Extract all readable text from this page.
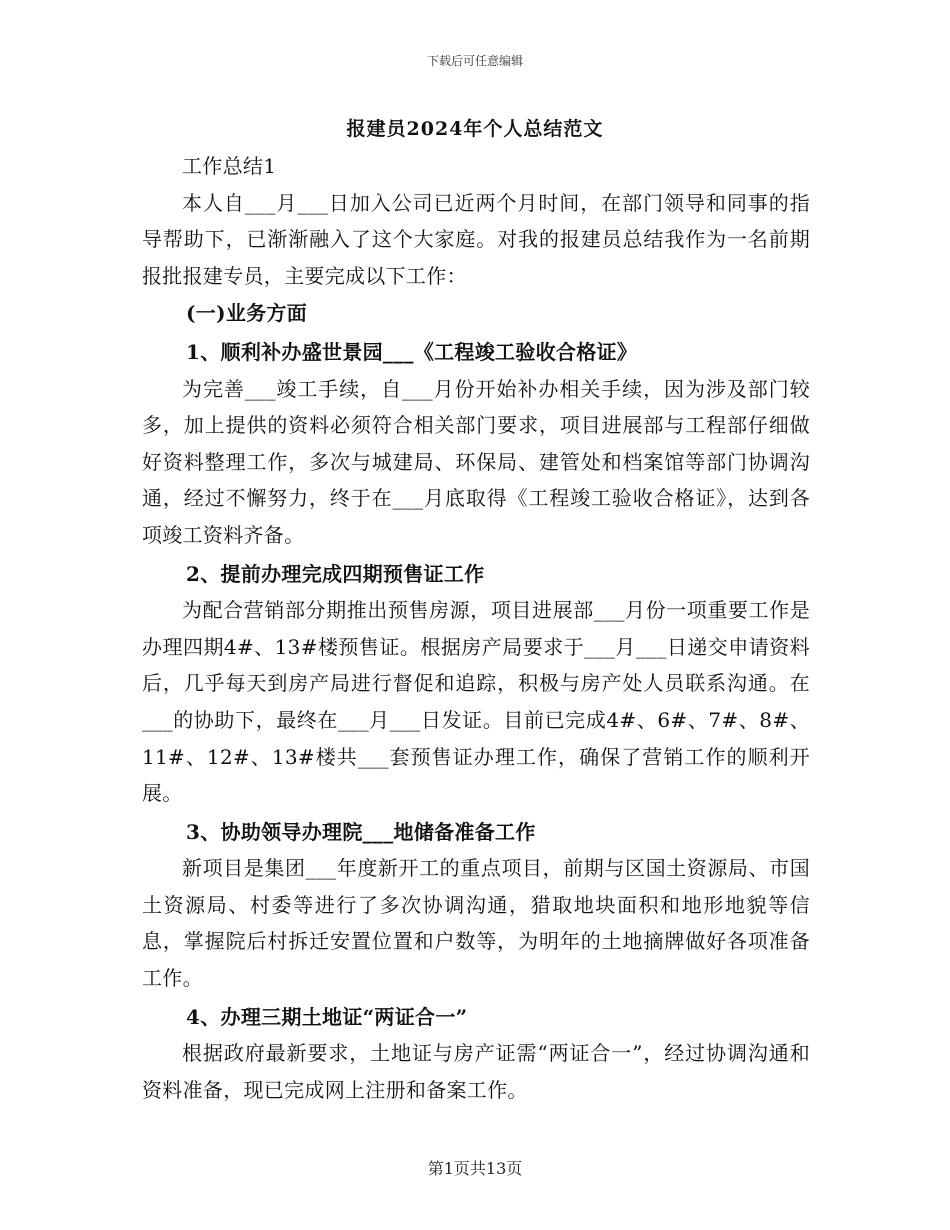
下载后可任意编辑
报建员2024年个人总结范文

工作总结1

本人自___月___日加入公司已近两个月时间，在部门领导和同事的指导帮助下，已渐渐融入了这个大家庭。对我的报建员总结我作为一名前期报批报建专员，主要完成以下工作：

(一)业务方面

1、顺利补办盛世景园___《工程竣工验收合格证》

为完善___竣工手续，自___月份开始补办相关手续，因为涉及部门较多，加上提供的资料必须符合相关部门要求，项目进展部与工程部仔细做好资料整理工作，多次与城建局、环保局、建管处和档案馆等部门协调沟通，经过不懈努力，终于在___月底取得《工程竣工验收合格证》，达到各项竣工资料齐备。

2、提前办理完成四期预售证工作

为配合营销部分期推出预售房源，项目进展部___月份一项重要工作是办理四期4#、13#楼预售证。根据房产局要求于___月___日递交申请资料后，几乎每天到房产局进行督促和追踪，积极与房产处人员联系沟通。在___的协助下，最终在___月___日发证。目前已完成4#、6#、7#、8#、11#、12#、13#楼共___套预售证办理工作，确保了营销工作的顺利开展。

3、协助领导办理院___地储备准备工作

新项目是集团___年度新开工的重点项目，前期与区国土资源局、市国土资源局、村委等进行了多次协调沟通，猎取地块面积和地形地貌等信息，掌握院后村拆迁安置位置和户数等，为明年的土地摘牌做好各项准备工作。

4、办理三期土地证“两证合一”

根据政府最新要求，土地证与房产证需“两证合一”，经过协调沟通和资料准备，现已完成网上注册和备案工作。

第1页共13页
